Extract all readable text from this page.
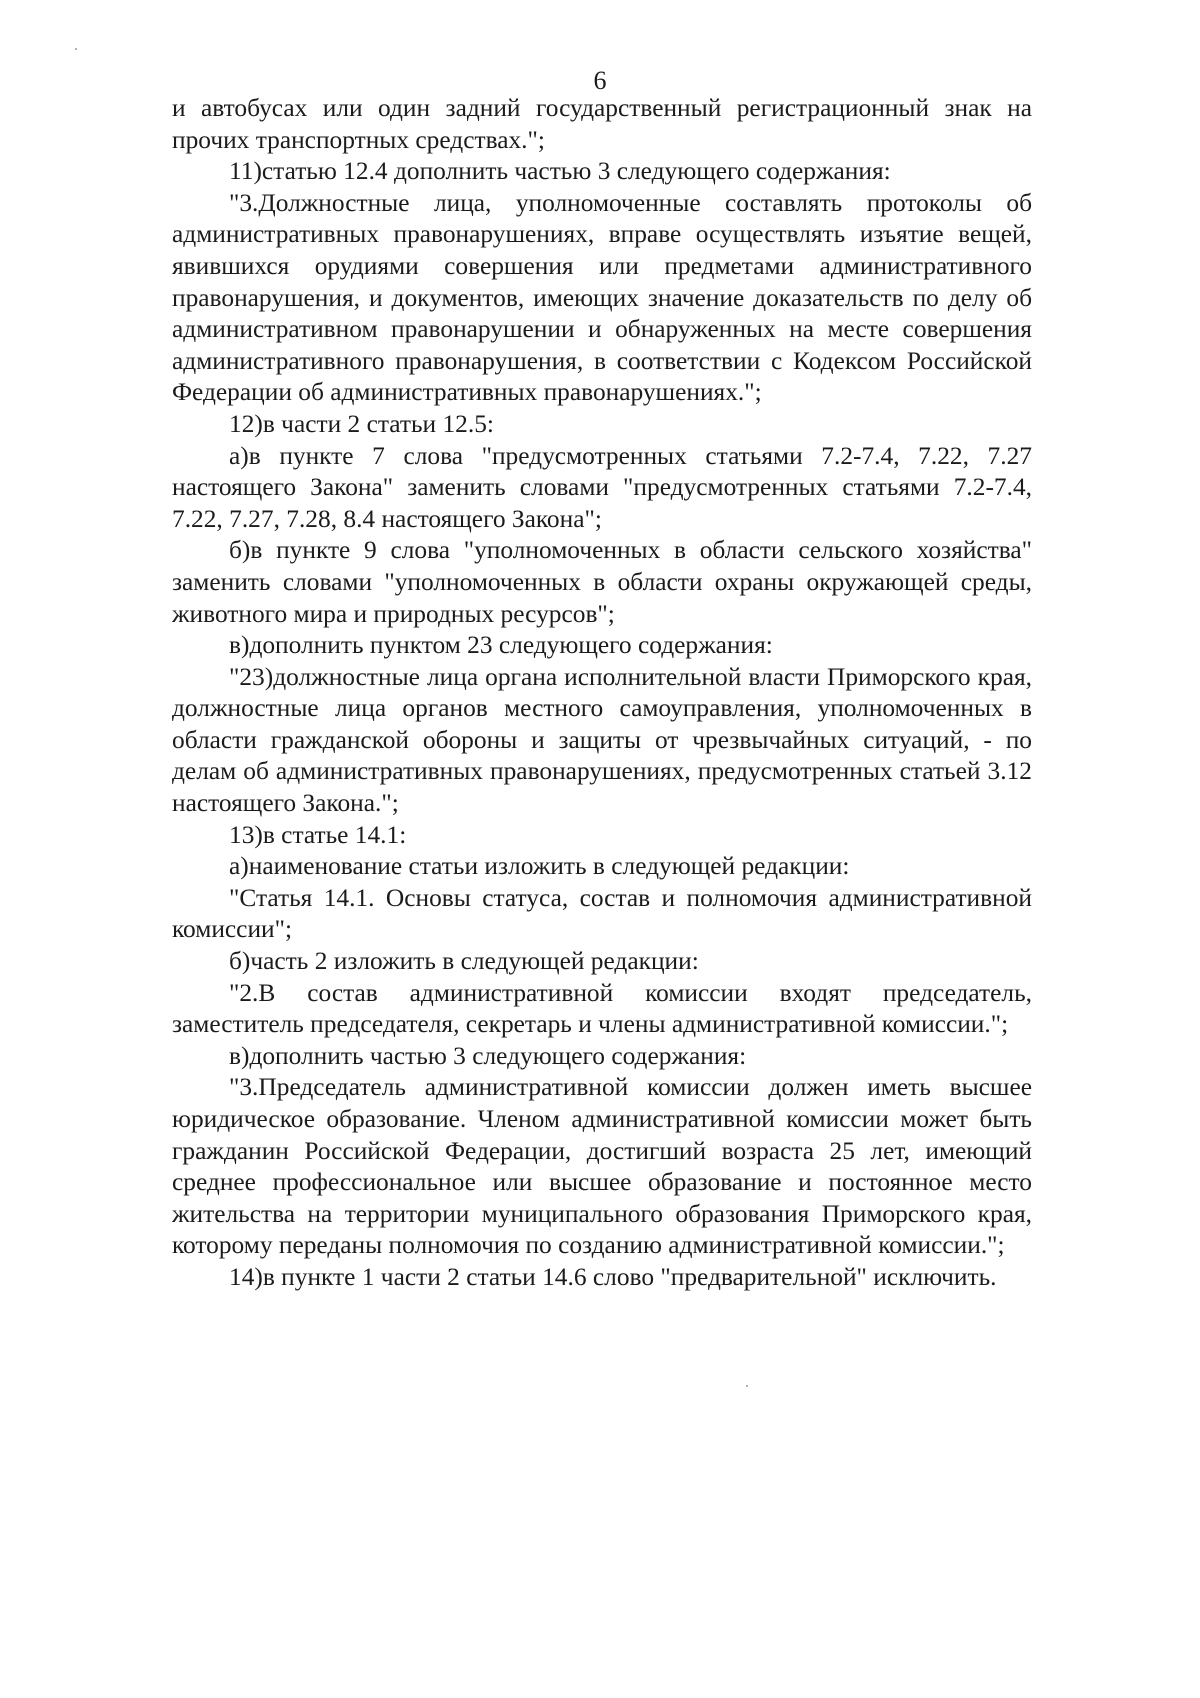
6

и автобусах или один задний государственный регистрационный знак на прочих транспортных средствах.";

11)статью 12.4 дополнить частью 3 следующего содержания:

"3.Должностные лица, уполномоченные составлять протоколы об административных правонарушениях, вправе осуществлять изъятие вещей, явившихся орудиями совершения или предметами административного правонарушения, и документов, имеющих значение доказательств по делу об административном правонарушении и обнаруженных на месте совершения административного правонарушения, в соответствии с Кодексом Российской Федерации об административных правонарушениях.";

12)в части 2 статьи 12.5:

а)в пункте 7 слова "предусмотренных статьями 7.2-7.4, 7.22, 7.27 настоящего Закона" заменить словами "предусмотренных статьями 7.2-7.4, 7.22, 7.27, 7.28, 8.4 настоящего Закона";

б)в пункте 9 слова "уполномоченных в области сельского хозяйства" заменить словами "уполномоченных в области охраны окружающей среды, животного мира и природных ресурсов";

в)дополнить пунктом 23 следующего содержания:

"23)должностные лица органа исполнительной власти Приморского края, должностные лица органов местного самоуправления, уполномоченных в области гражданской обороны и защиты от чрезвычайных ситуаций, - по делам об административных правонарушениях, предусмотренных статьей 3.12 настоящего Закона.";

13)в статье 14.1:

а)наименование статьи изложить в следующей редакции:

"Статья 14.1. Основы статуса, состав и полномочия административной комиссии";

б)часть 2 изложить в следующей редакции:

"2.В состав административной комиссии входят председатель, заместитель председателя, секретарь и члены административной комиссии.";

в)дополнить частью 3 следующего содержания:

"3.Председатель административной комиссии должен иметь высшее юридическое образование. Членом административной комиссии может быть гражданин Российской Федерации, достигший возраста 25 лет, имеющий среднее профессиональное или высшее образование и постоянное место жительства на территории муниципального образования Приморского края, которому переданы полномочия по созданию административной комиссии.";

14)в пункте 1 части 2 статьи 14.6 слово "предварительной" исключить.
